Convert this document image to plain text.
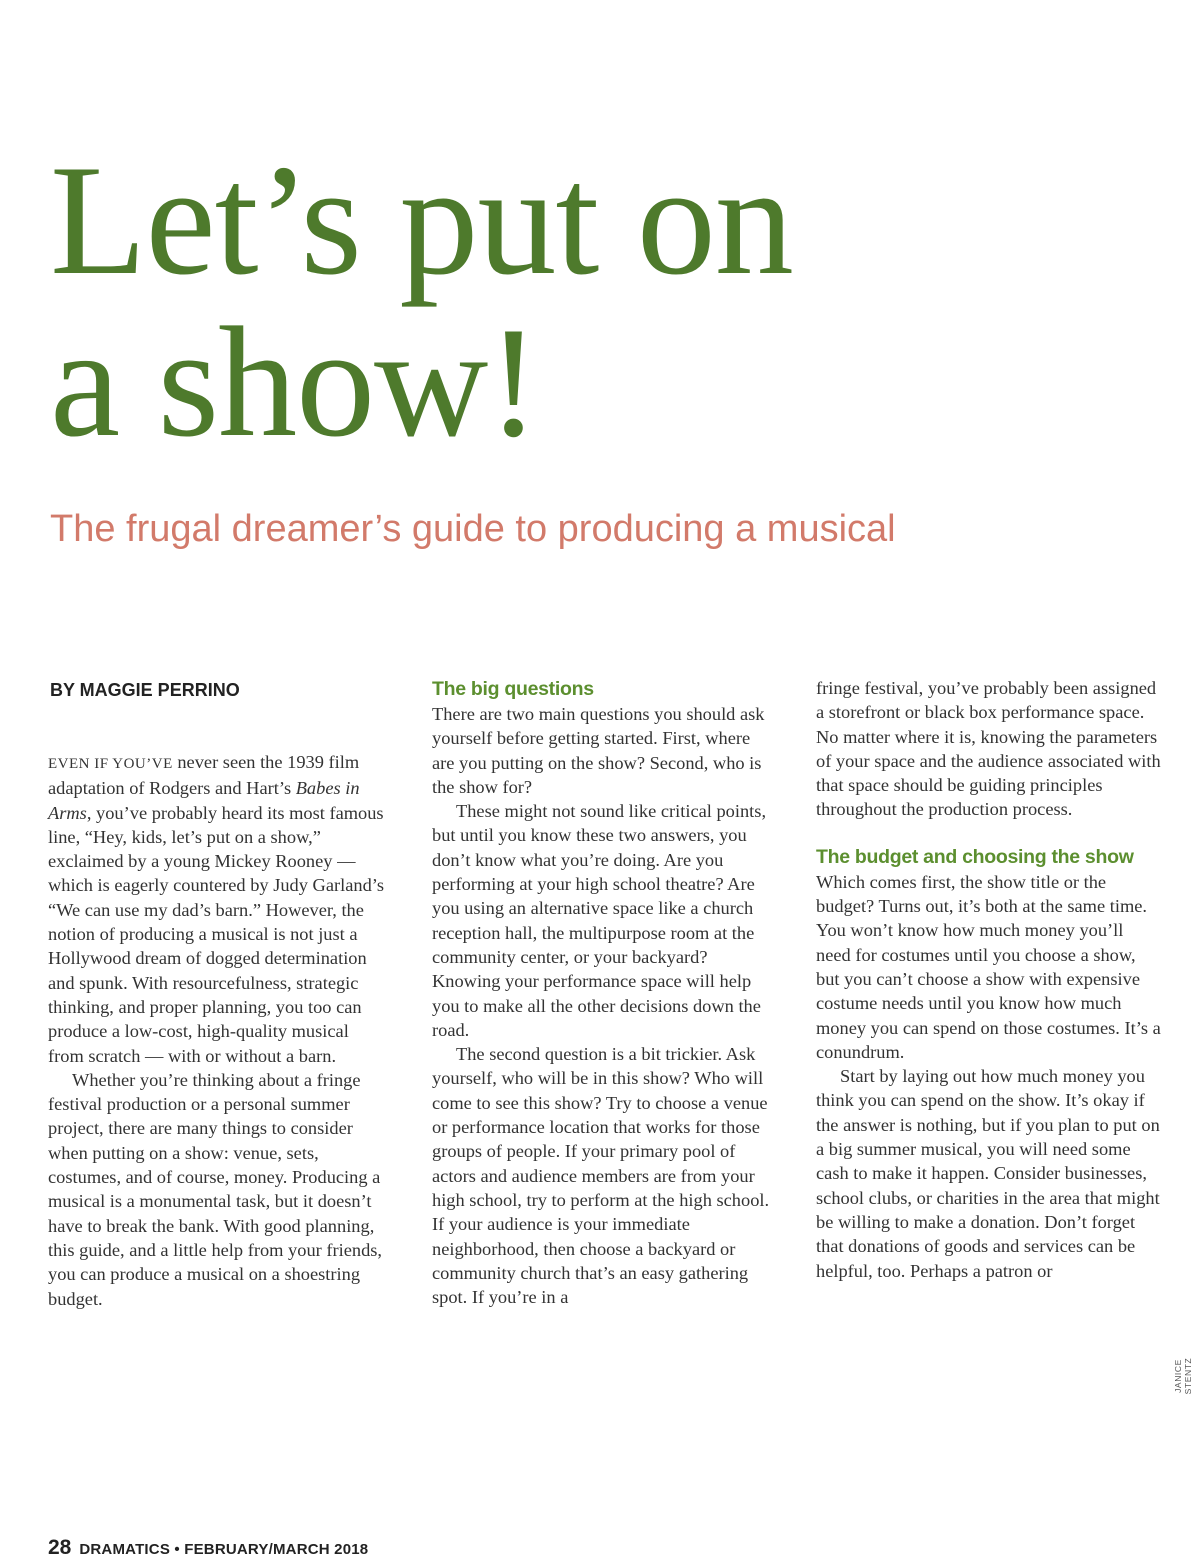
Let’s put on
a show!
The frugal dreamer’s guide to producing a musical
BY MAGGIE PERRINO

EVEN IF YOU’VE never seen the 1939 film adaptation of Rodgers and Hart’s Babes in Arms, you’ve probably heard its most famous line, “Hey, kids, let’s put on a show,” exclaimed by a young Mickey Rooney — which is eagerly countered by Judy Garland’s “We can use my dad’s barn.” However, the notion of producing a musical is not just a Hollywood dream of dogged determination and spunk. With resourcefulness, strategic thinking, and proper planning, you too can produce a low-cost, high-quality musical from scratch — with or without a barn.

Whether you’re thinking about a fringe festival production or a personal summer project, there are many things to consider when putting on a show: venue, sets, costumes, and of course, money. Producing a musical is a monumental task, but it doesn’t have to break the bank. With good planning, this guide, and a little help from your friends, you can produce a musical on a shoestring budget.

The big questions

There are two main questions you should ask yourself before getting started. First, where are you putting on the show? Second, who is the show for?

These might not sound like critical points, but until you know these two answers, you don’t know what you’re doing. Are you performing at your high school theatre? Are you using an alternative space like a church reception hall, the multipurpose room at the community center, or your backyard? Knowing your performance space will help you to make all the other decisions down the road.

The second question is a bit trickier. Ask yourself, who will be in this show? Who will come to see this show? Try to choose a venue or performance location that works for those groups of people. If your primary pool of actors and audience members are from your high school, try to perform at the high school. If your audience is your immediate neighborhood, then choose a backyard or community church that’s an easy gathering spot. If you’re in a

fringe festival, you’ve probably been assigned a storefront or black box performance space. No matter where it is, knowing the parameters of your space and the audience associated with that space should be guiding principles throughout the production process.

The budget and choosing the show

Which comes first, the show title or the budget? Turns out, it’s both at the same time. You won’t know how much money you’ll need for costumes until you choose a show, but you can’t choose a show with expensive costume needs until you know how much money you can spend on those costumes. It’s a conundrum.

Start by laying out how much money you think you can spend on the show. It’s okay if the answer is nothing, but if you plan to put on a big summer musical, you will need some cash to make it happen. Consider businesses, school clubs, or charities in the area that might be willing to make a donation. Don’t forget that donations of goods and services can be helpful, too. Perhaps a patron or

JANICE STENTZ
28 DRAMATICS • FEBRUARY/MARCH 2018
